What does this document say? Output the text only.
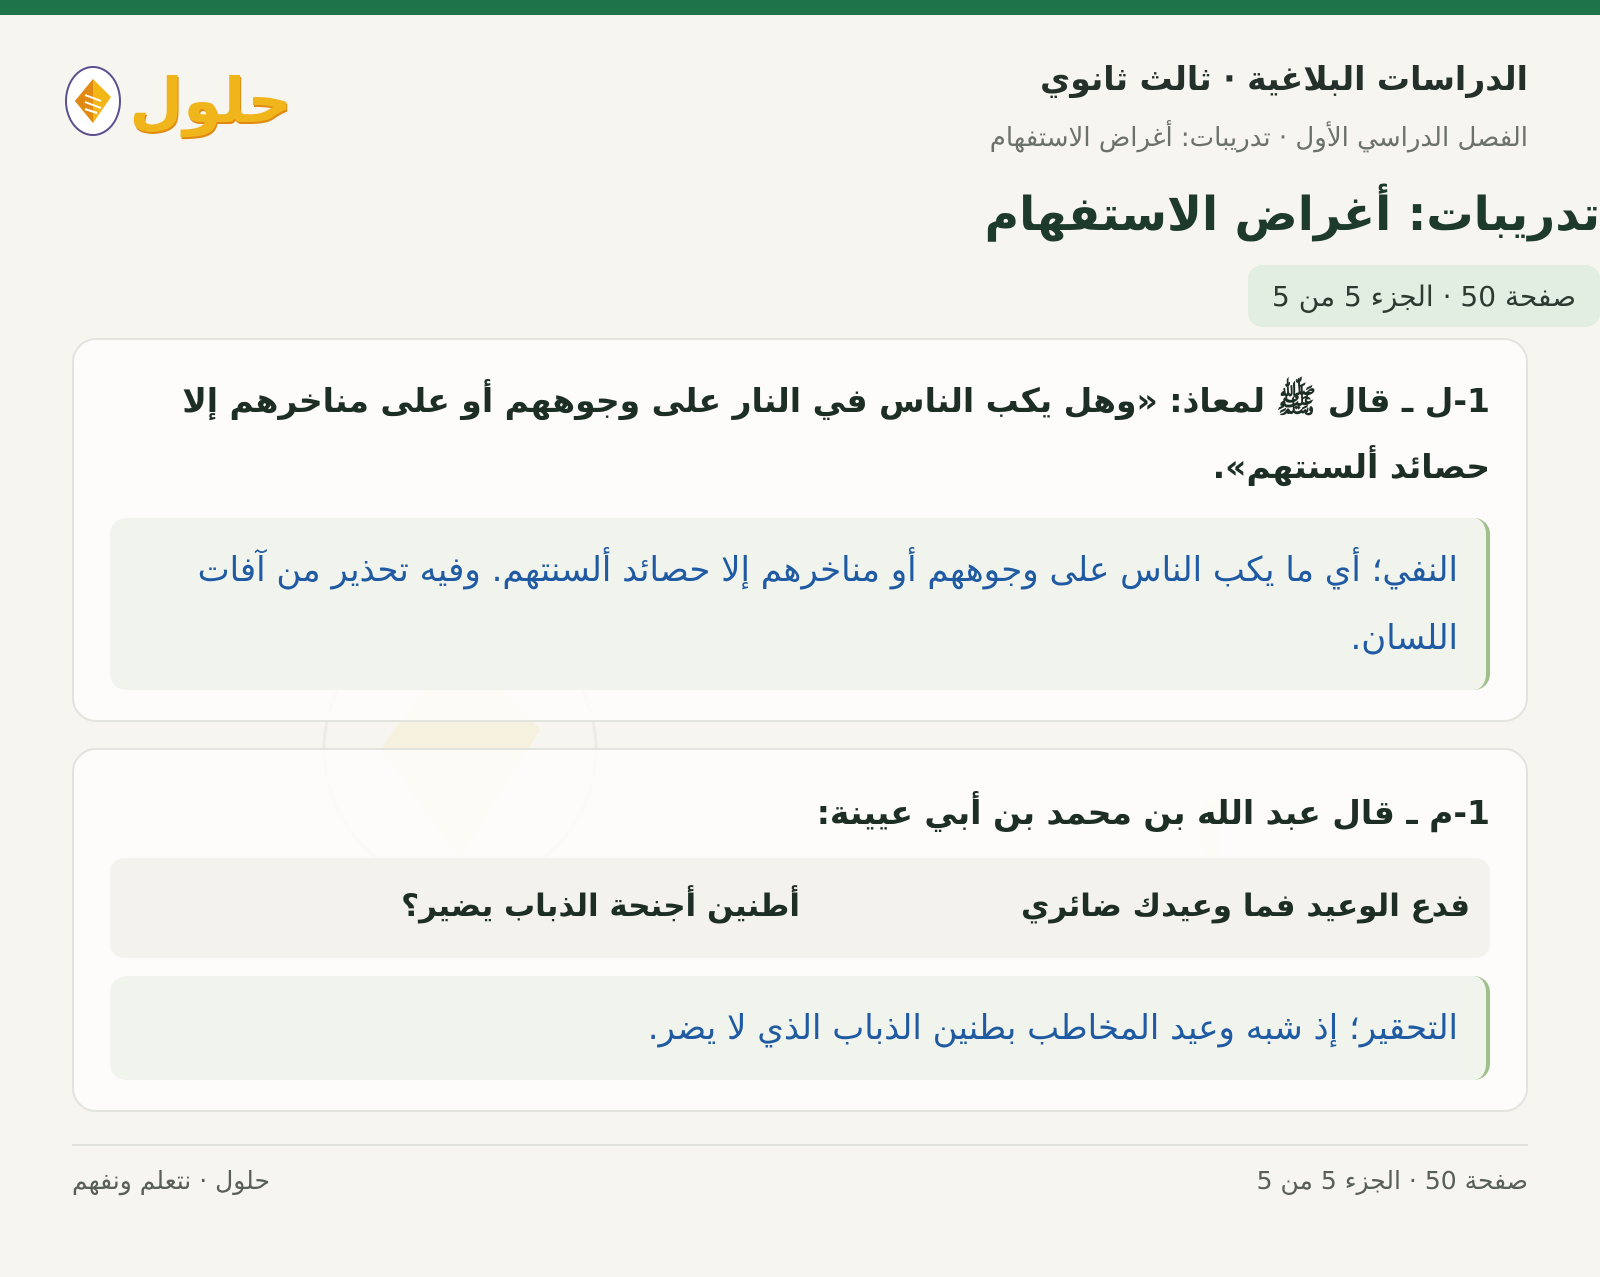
الدراسات البلاغية · ثالث ثانوي
الفصل الدراسي الأول · تدريبات: أغراض الاستفهام
حلول
تدريبات: أغراض الاستفهام
صفحة 50 · الجزء 5 من 5
1-ل ـ قال ﷺ لمعاذ: «وهل يكب الناس في النار على وجوههم أو على مناخرهم إلا حصائد ألسنتهم».
النفي؛ أي ما يكب الناس على وجوههم أو مناخرهم إلا حصائد ألسنتهم. وفيه تحذير من آفات اللسان.
1-م ـ قال عبد الله بن محمد بن أبي عيينة:
فدع الوعيد فما وعيدك ضائري
أطنين أجنحة الذباب يضير؟
التحقير؛ إذ شبه وعيد المخاطب بطنين الذباب الذي لا يضر.
صفحة 50 · الجزء 5 من 5
حلول · نتعلم ونفهم
